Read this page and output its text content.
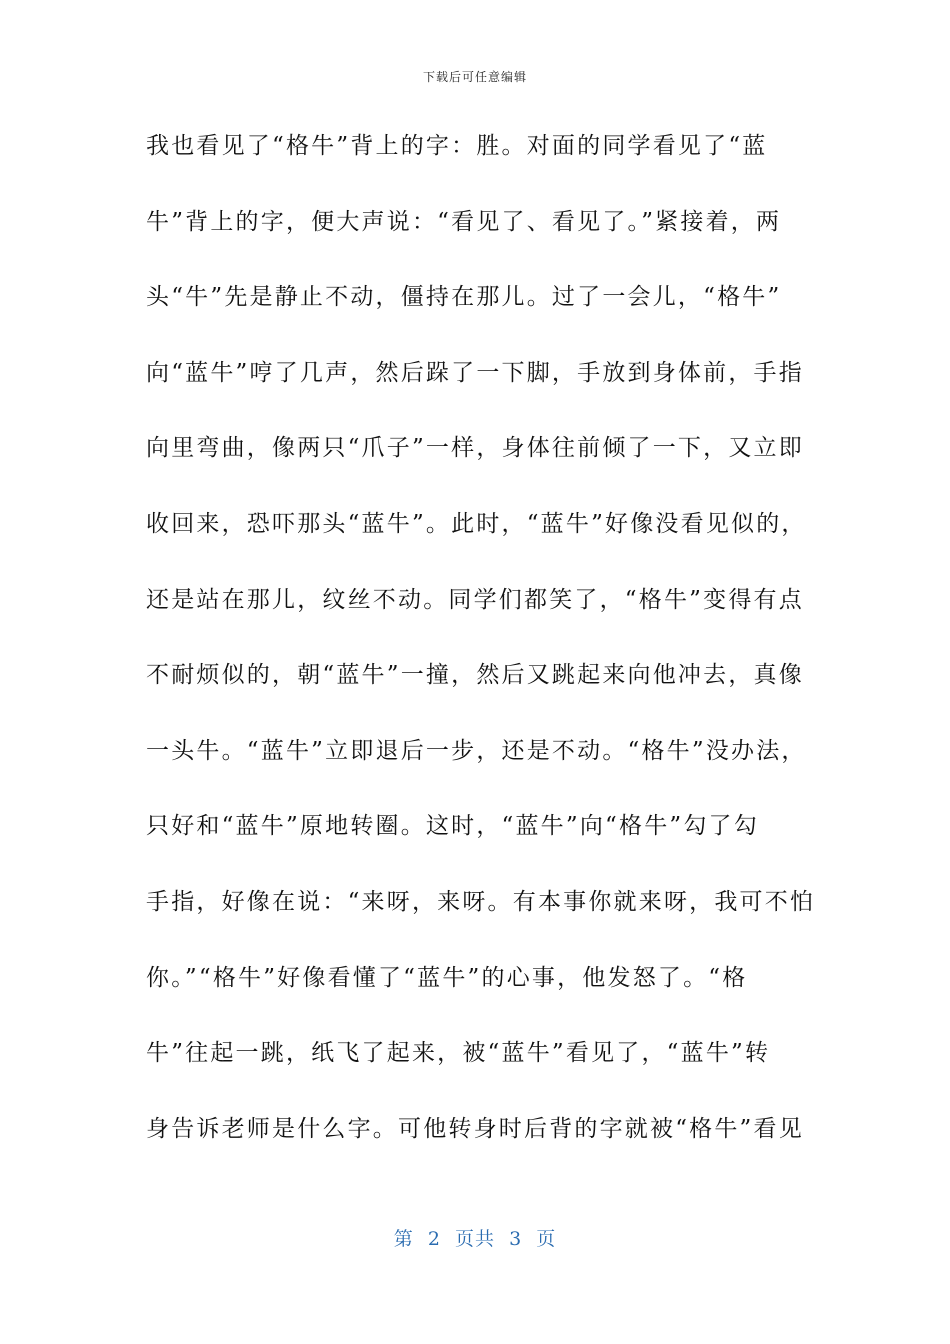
下载后可任意编辑
我也看见了“格牛”背上的字：胜。对面的同学看见了“蓝
牛”背上的字，便大声说：“看见了、看见了。”紧接着，两
头“牛”先是静止不动，僵持在那儿。过了一会儿，“格牛”
向“蓝牛”哼了几声，然后跺了一下脚，手放到身体前，手指
向里弯曲，像两只“爪子”一样，身体往前倾了一下，又立即
收回来，恐吓那头“蓝牛”。此时，“蓝牛”好像没看见似的，
还是站在那儿，纹丝不动。同学们都笑了，“格牛”变得有点
不耐烦似的，朝“蓝牛”一撞，然后又跳起来向他冲去，真像
一头牛。“蓝牛”立即退后一步，还是不动。“格牛”没办法，
只好和“蓝牛”原地转圈。这时，“蓝牛”向“格牛”勾了勾
手指，好像在说：“来呀，来呀。有本事你就来呀，我可不怕
你。”“格牛”好像看懂了“蓝牛”的心事，他发怒了。“格
牛”往起一跳，纸飞了起来，被“蓝牛”看见了，“蓝牛”转
身告诉老师是什么字。可他转身时后背的字就被“格牛”看见
第  2  页共  3  页
